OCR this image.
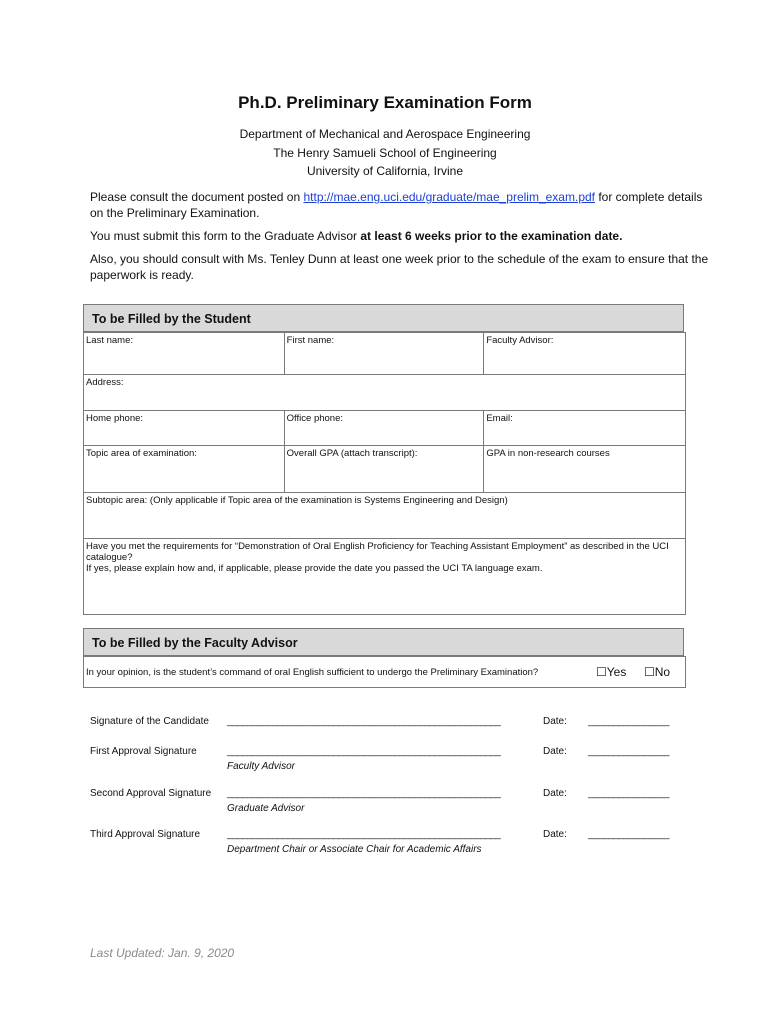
Ph.D. Preliminary Examination Form
Department of Mechanical and Aerospace Engineering
The Henry Samueli School of Engineering
University of California, Irvine
Please consult the document posted on http://mae.eng.uci.edu/graduate/mae_prelim_exam.pdf for complete details on the Preliminary Examination.
You must submit this form to the Graduate Advisor at least 6 weeks prior to the examination date.
Also, you should consult with Ms. Tenley Dunn at least one week prior to the schedule of the exam to ensure that the paperwork is ready.
To be Filled by the Student
Last name:	First name:	Faculty Advisor:
Address:		
Home phone:	Office phone:	Email:
Topic area of examination:	Overall GPA (attach transcript):	GPA in non-research courses
Subtopic area: (Only applicable if Topic area of the examination is Systems Engineering and Design)		

Have you met the requirements for “Demonstration of Oral English Proficiency for Teaching Assistant Employment” as described in the UCI catalogue?
If yes, please explain how and, if applicable, please provide the date you passed the UCI TA language exam.		
To be Filled by the Faculty Advisor
In your opinion, is the student’s command of oral English sufficient to undergo the Preliminary Examination?	☐Yes ☐No
Signature of the Candidate ______________________________________________________	Date: ________________
First Approval Signature	______________________________________________________	Date: ________________
Faculty Advisor
Second Approval Signature ______________________________________________________	Date: ________________
Graduate Advisor
Third Approval Signature	______________________________________________________	Date: ________________
Department Chair or Associate Chair for Academic Affairs
Last Updated: Jan. 9, 2020
